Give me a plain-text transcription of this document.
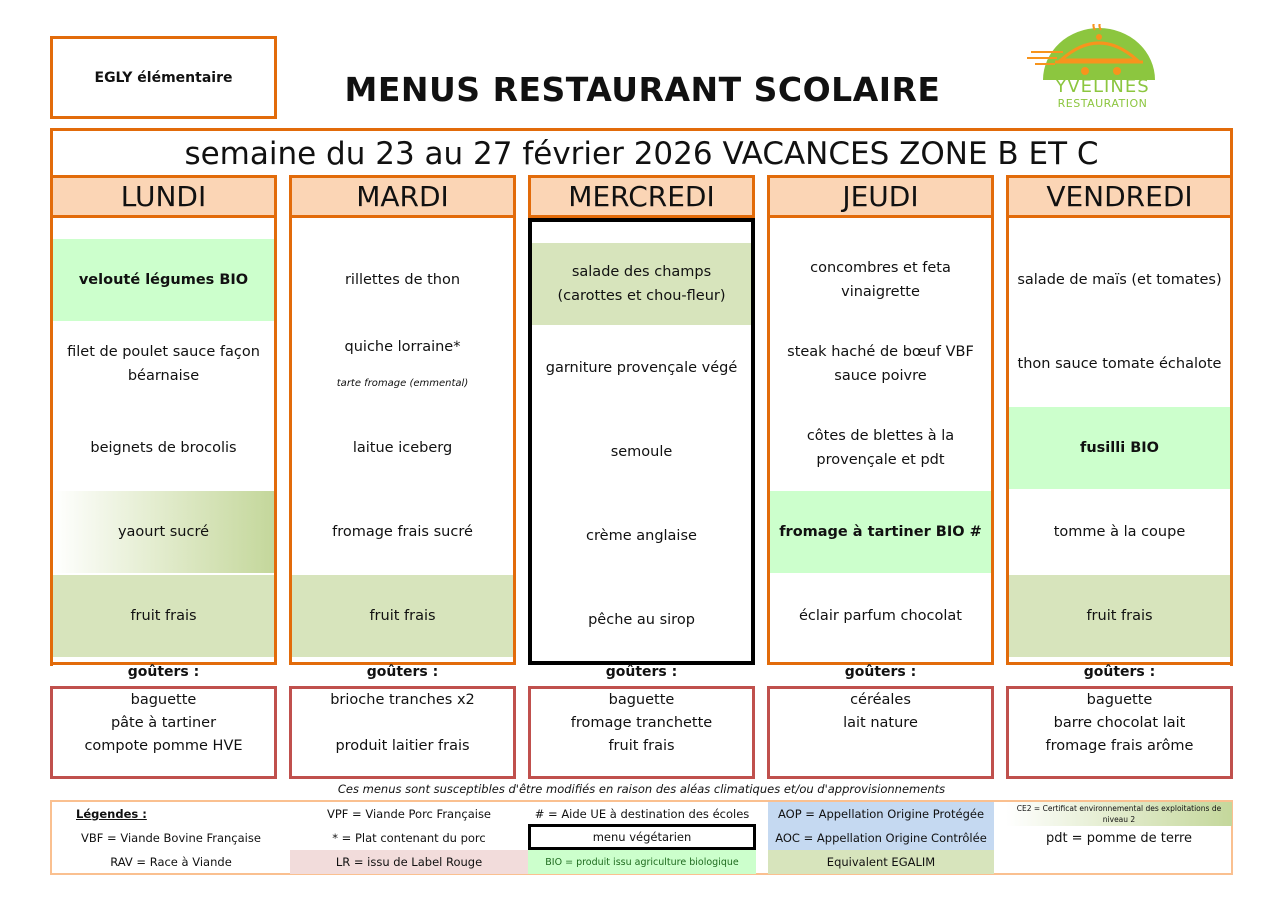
EGLY élémentaire	MENUS RESTAURANT SCOLAIRE	YVELINES
RESTAURATION
semaine du 23 au 27 février 2026 VACANCES ZONE B ET C
LUNDI
velouté légumes BIO
filet de poulet sauce façon béarnaise
beignets de brocolis
yaourt sucré
fruit frais
goûters :
baguette
pâte à tartiner
compote pomme HVE
MARDI
rillettes de thon
quiche lorraine*
tarte fromage (emmental)
laitue iceberg
fromage frais sucré
fruit frais
goûters :
brioche tranches x2
produit laitier frais
MERCREDI
salade des champs (carottes et chou-fleur)
garniture provençale végé
semoule
crème anglaise
pêche au sirop
goûters :
baguette
fromage tranchette
fruit frais
JEUDI
concombres et feta vinaigrette
steak haché de bœuf VBF sauce poivre
côtes de blettes à la provençale et pdt
fromage à tartiner BIO #
éclair parfum chocolat
goûters :
céréales
lait nature
VENDREDI
salade de maïs (et tomates)
thon sauce tomate échalote
fusilli BIO
tomme à la coupe
fruit frais
goûters :
baguette
barre chocolat lait
fromage frais arôme
Ces menus sont susceptibles d'être modifiés en raison des aléas climatiques et/ou d'approvisionnements
Légendes :	VPF = Viande Porc Française	# = Aide UE à destination des écoles	AOP = Appellation Origine Protégée	CE2 = Certificat environnemental des exploitations de niveau 2
VBF = Viande Bovine Française	* = Plat contenant du porc	menu végétarien	AOC = Appellation Origine Contrôlée	pdt = pomme de terre
RAV = Race à Viande	LR = issu de Label Rouge	BIO = produit issu agriculture biologique	Equivalent EGALIM
